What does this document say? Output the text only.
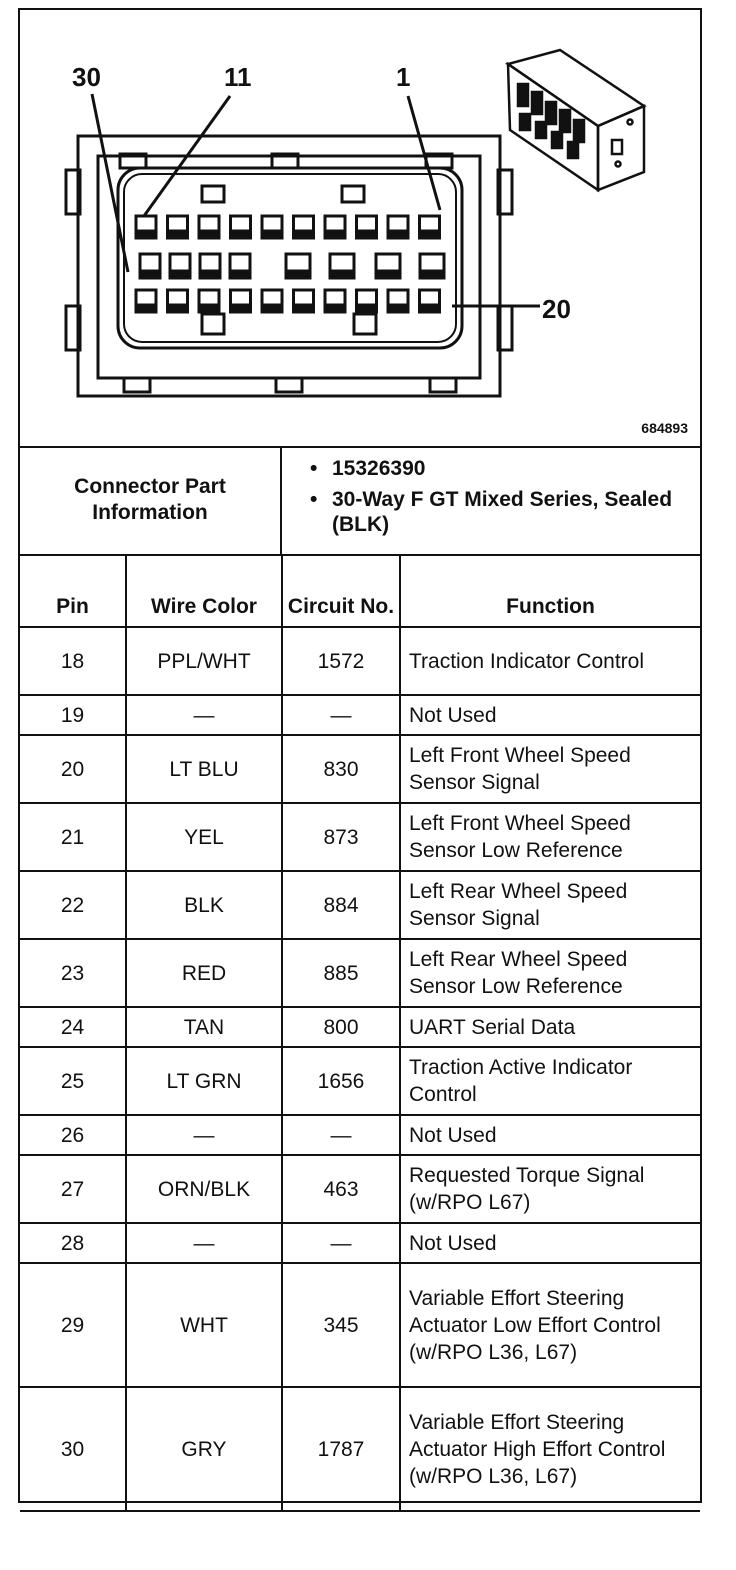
30	11	1
20
684893
Connector Part Information
• 15326390
• 30-Way F GT Mixed Series, Sealed (BLK)
Pin	Wire Color	Circuit No.	Function
18	PPL/WHT	1572	Traction Indicator Control
19	—	—	Not Used
20	LT BLU	830	Left Front Wheel Speed Sensor Signal
21	YEL	873	Left Front Wheel Speed Sensor Low Reference
22	BLK	884	Left Rear Wheel Speed Sensor Signal
23	RED	885	Left Rear Wheel Speed Sensor Low Reference
24	TAN	800	UART Serial Data
25	LT GRN	1656	Traction Active Indicator Control
26	—	—	Not Used
27	ORN/BLK	463	Requested Torque Signal (w/RPO L67)
28	—	—	Not Used
29	WHT	345	Variable Effort Steering Actuator Low Effort Control (w/RPO L36, L67)
30	GRY	1787	Variable Effort Steering Actuator High Effort Control (w/RPO L36, L67)
